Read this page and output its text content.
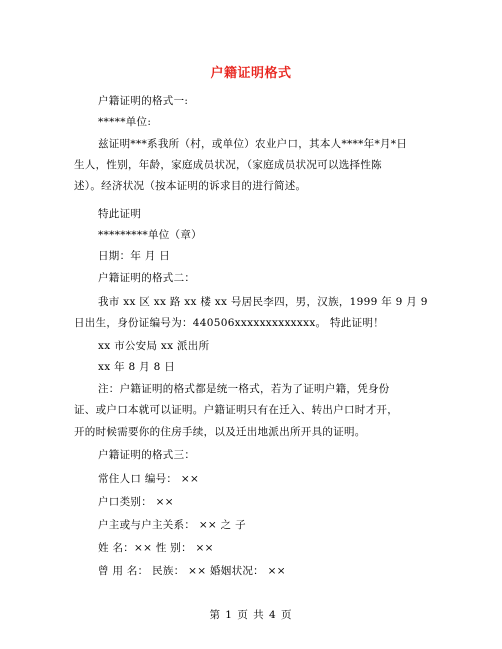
户籍证明格式
户籍证明的格式一:
*****单位:
兹证明***系我所（村，或单位）农业户口，其本人****年*月*日
生人，性别，年龄，家庭成员状况，（家庭成员状况可以选择性陈
述）。经济状况（按本证明的诉求目的进行简述。
特此证明
*********单位（章）
日期：年 月 日
户籍证明的格式二：
我市 xx 区 xx 路 xx 楼 xx 号居民李四，男，汉族，1999 年 9 月 9
日出生，身份证编号为：440506xxxxxxxxxxxxx。 特此证明！
xx 市公安局 xx 派出所
xx 年 8 月 8 日
注：户籍证明的格式都是统一格式，若为了证明户籍，凭身份
证、或户口本就可以证明。户籍证明只有在迁入、转出户口时才开，
开的时候需要你的住房手续，以及迁出地派出所开具的证明。
户籍证明的格式三：
常住人口 编号： ××
户口类别： ××
户主或与户主关系： ×× 之 子
姓 名：×× 性 别： ××
曾 用 名： 民族： ×× 婚姻状况： ××
第 1 页 共 4 页
